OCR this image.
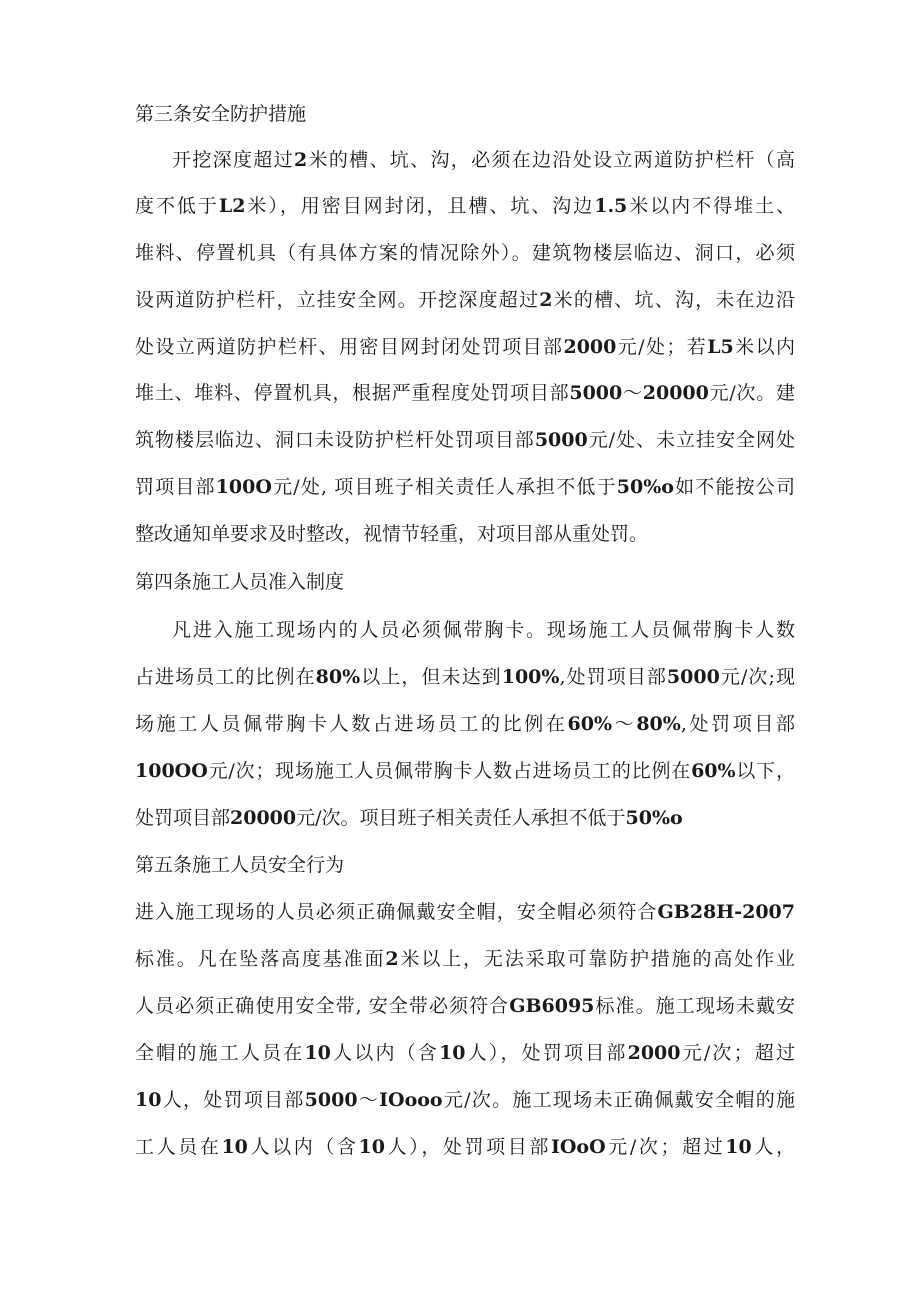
第三条安全防护措施
开挖深度超过2米的槽、坑、沟，必须在边沿处设立两道防护栏杆（高
度不低于L2米），用密目网封闭，且槽、坑、沟边1.5米以内不得堆土、
堆料、停置机具（有具体方案的情况除外）。建筑物楼层临边、洞口，必须
设两道防护栏杆，立挂安全网。开挖深度超过2米的槽、坑、沟，未在边沿
处设立两道防护栏杆、用密目网封闭处罚项目部2000元/处；若L5米以内
堆土、堆料、停置机具，根据严重程度处罚项目部5000～20000元/次。建
筑物楼层临边、洞口未设防护栏杆处罚项目部5000元/处、未立挂安全网处
罚项目部100O元/处, 项目班子相关责任人承担不低于50%o如不能按公司
整改通知单要求及时整改，视情节轻重，对项目部从重处罚。
第四条施工人员准入制度
凡进入施工现场内的人员必须佩带胸卡。现场施工人员佩带胸卡人数
占进场员工的比例在80%以上，但未达到100%,处罚项目部5000元/次;现
场施工人员佩带胸卡人数占进场员工的比例在60%～80%,处罚项目部
100OO元/次；现场施工人员佩带胸卡人数占进场员工的比例在60%以下，
处罚项目部20000元/次。项目班子相关责任人承担不低于50%o
第五条施工人员安全行为
进入施工现场的人员必须正确佩戴安全帽，安全帽必须符合GB28H-2007
标准。凡在坠落高度基准面2米以上，无法采取可靠防护措施的高处作业
人员必须正确使用安全带, 安全带必须符合GB6095标准。施工现场未戴安
全帽的施工人员在10人以内（含10人），处罚项目部2000元/次；超过
10人，处罚项目部5000～IOooo元/次。施工现场未正确佩戴安全帽的施
工人员在10人以内（含10人），处罚项目部IOoO元/次；超过10人，
